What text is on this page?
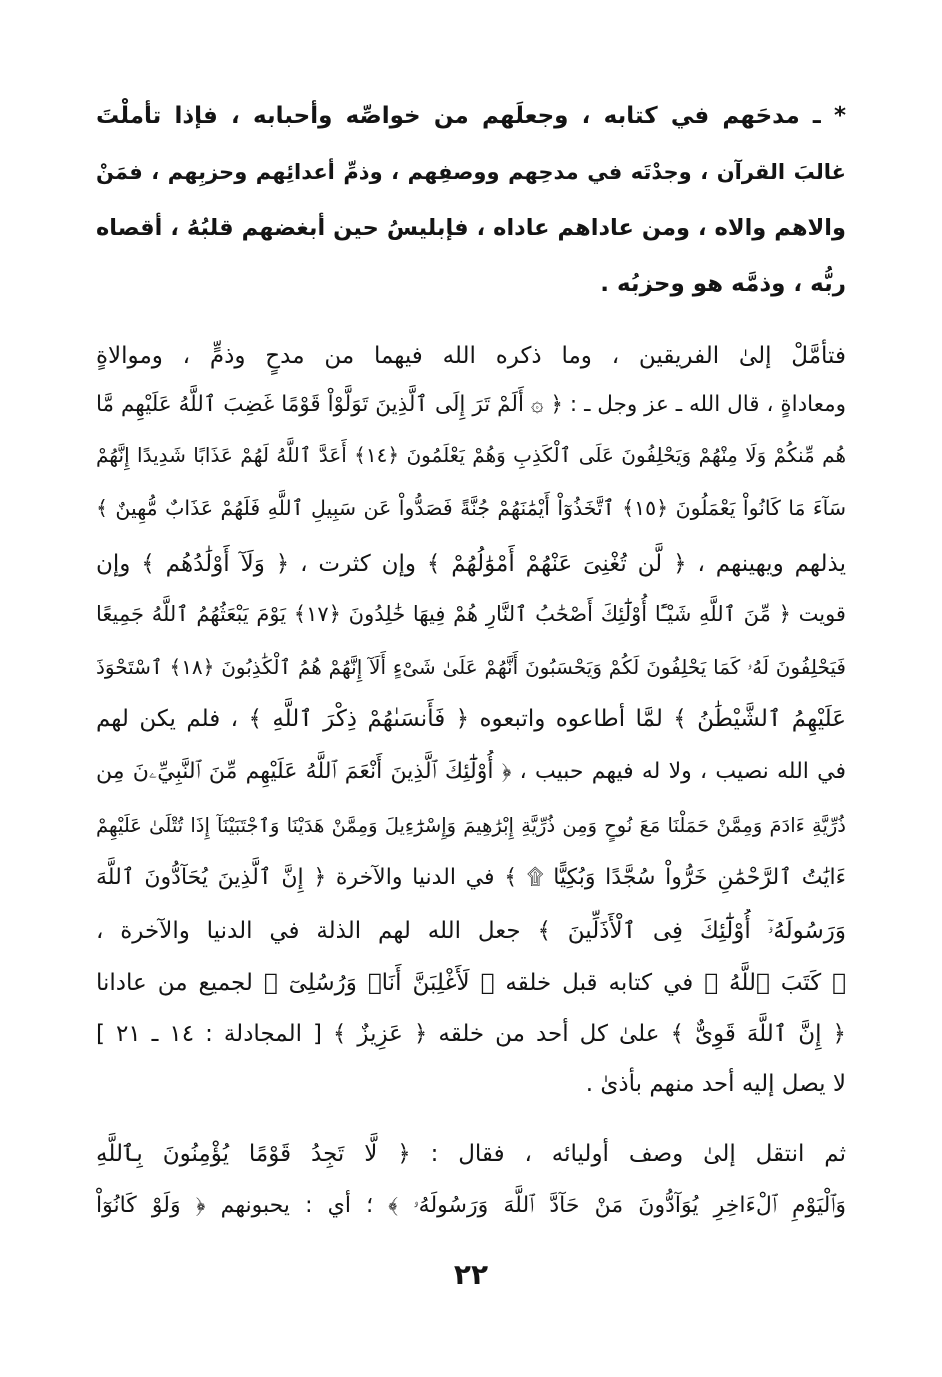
* ـ مدحَهم في كتابه ، وجعلَهم من خواصِّه وأحبابه ، فإذا تأملْتَ
غالبَ القرآن ، وجدْتَه في مدحِهم ووصفِهم ، وذمِّ أعدائِهم وحزبِهم ، فمَنْ
والاهم والاه ، ومن عاداهم عاداه ، فإبليسُ حين أبغضهم قلبُهُ ، أقصاه
ربُّه ، وذمَّه هو وحزبُه .
فتأمَّلْ إلىٰ الفريقين ، وما ذكره الله فيهما من مدحٍ وذمٍّ ، وموالاةٍ
ومعاداةٍ ، قال الله ـ عز وجل ـ : ﴿ ۞ أَلَمْ تَرَ إِلَى ٱلَّذِينَ تَوَلَّوْاْ قَوْمًا غَضِبَ ٱللَّهُ عَلَيْهِم مَّا
هُم مِّنكُمْ وَلَا مِنْهُمْ وَيَحْلِفُونَ عَلَى ٱلْكَذِبِ وَهُمْ يَعْلَمُونَ ﴿١٤﴾ أَعَدَّ ٱللَّهُ لَهُمْ عَذَابًا شَدِيدًا إِنَّهُمْ
سَآءَ مَا كَانُواْ يَعْمَلُونَ ﴿١٥﴾ ٱتَّخَذُوٓاْ أَيْمَٰنَهُمْ جُنَّةً فَصَدُّواْ عَن سَبِيلِ ٱللَّهِ فَلَهُمْ عَذَابٌ مُّهِينٌ ﴾
يذلهم ويهينهم ، ﴿ لَّن تُغْنِىَ عَنْهُمْ أَمْوَٰلُهُمْ ﴾ وإن كثرت ، ﴿ وَلَآ أَوْلَٰدُهُم ﴾ وإن
قويت ﴿ مِّنَ ٱللَّهِ شَيْـًٔا أُوْلَٰٓئِكَ أَصْحَٰبُ ٱلنَّارِ هُمْ فِيهَا خَٰلِدُونَ ﴿١٧﴾ يَوْمَ يَبْعَثُهُمُ ٱللَّهُ جَمِيعًا
فَيَحْلِفُونَ لَهُۥ كَمَا يَحْلِفُونَ لَكُمْ وَيَحْسَبُونَ أَنَّهُمْ عَلَىٰ شَىْءٍ أَلَآ إِنَّهُمْ هُمُ ٱلْكَٰذِبُونَ ﴿١٨﴾ ٱسْتَحْوَذَ
عَلَيْهِمُ ٱلشَّيْطَٰنُ ﴾ لمَّا أطاعوه واتبعوه ﴿ فَأَنسَىٰهُمْ ذِكْرَ ٱللَّهِ ﴾ ، فلم يكن لهم
في الله نصيب ، ولا له فيهم حبيب ، ﴿ أُوْلَٰٓئِكَ ٱلَّذِينَ أَنْعَمَ ٱللَّهُ عَلَيْهِم مِّنَ ٱلنَّبِيِّۦنَ مِن
ذُرِّيَّةِ ءَادَمَ وَمِمَّنْ حَمَلْنَا مَعَ نُوحٍ وَمِن ذُرِّيَّةِ إِبْرَٰهِيمَ وَإِسْرَٰٓءِيلَ وَمِمَّنْ هَدَيْنَا وَٱجْتَبَيْنَآ إِذَا تُتْلَىٰ عَلَيْهِمْ
ءَايَٰتُ ٱلرَّحْمَٰنِ خَرُّواْ سُجَّدًا وَبُكِيًّا ۩ ﴾ في الدنيا والآخرة ﴿ إِنَّ ٱلَّذِينَ يُحَآدُّونَ ٱللَّهَ
وَرَسُولَهُۥٓ أُوْلَٰٓئِكَ فِى ٱلْأَذَلِّينَ ﴾ جعل الله لهم الذلة في الدنيا والآخرة ،
﴿ كَتَبَ ٱللَّهُ ﴾ في كتابه قبل خلقه ﴿ لَأَغْلِبَنَّ أَنَا۠ وَرُسُلِىٓ ﴾ لجميع من عادانا
﴿ إِنَّ ٱللَّهَ قَوِىٌّ ﴾ علىٰ كل أحد من خلقه ﴿ عَزِيزٌ ﴾ [ المجادلة : ١٤ ـ ٢١ ]
لا يصل إليه أحد منهم بأذىٰ .
ثم انتقل إلىٰ وصف أوليائه ، فقال : ﴿ لَّا تَجِدُ قَوْمًا يُؤْمِنُونَ بِٱللَّهِ
وَٱلْيَوْمِ ٱلْءَاخِرِ يُوَآدُّونَ مَنْ حَآدَّ ٱللَّهَ وَرَسُولَهُۥ ﴾ ؛ أي : يحبونهم ﴿ وَلَوْ كَانُوٓاْ
٢٢
